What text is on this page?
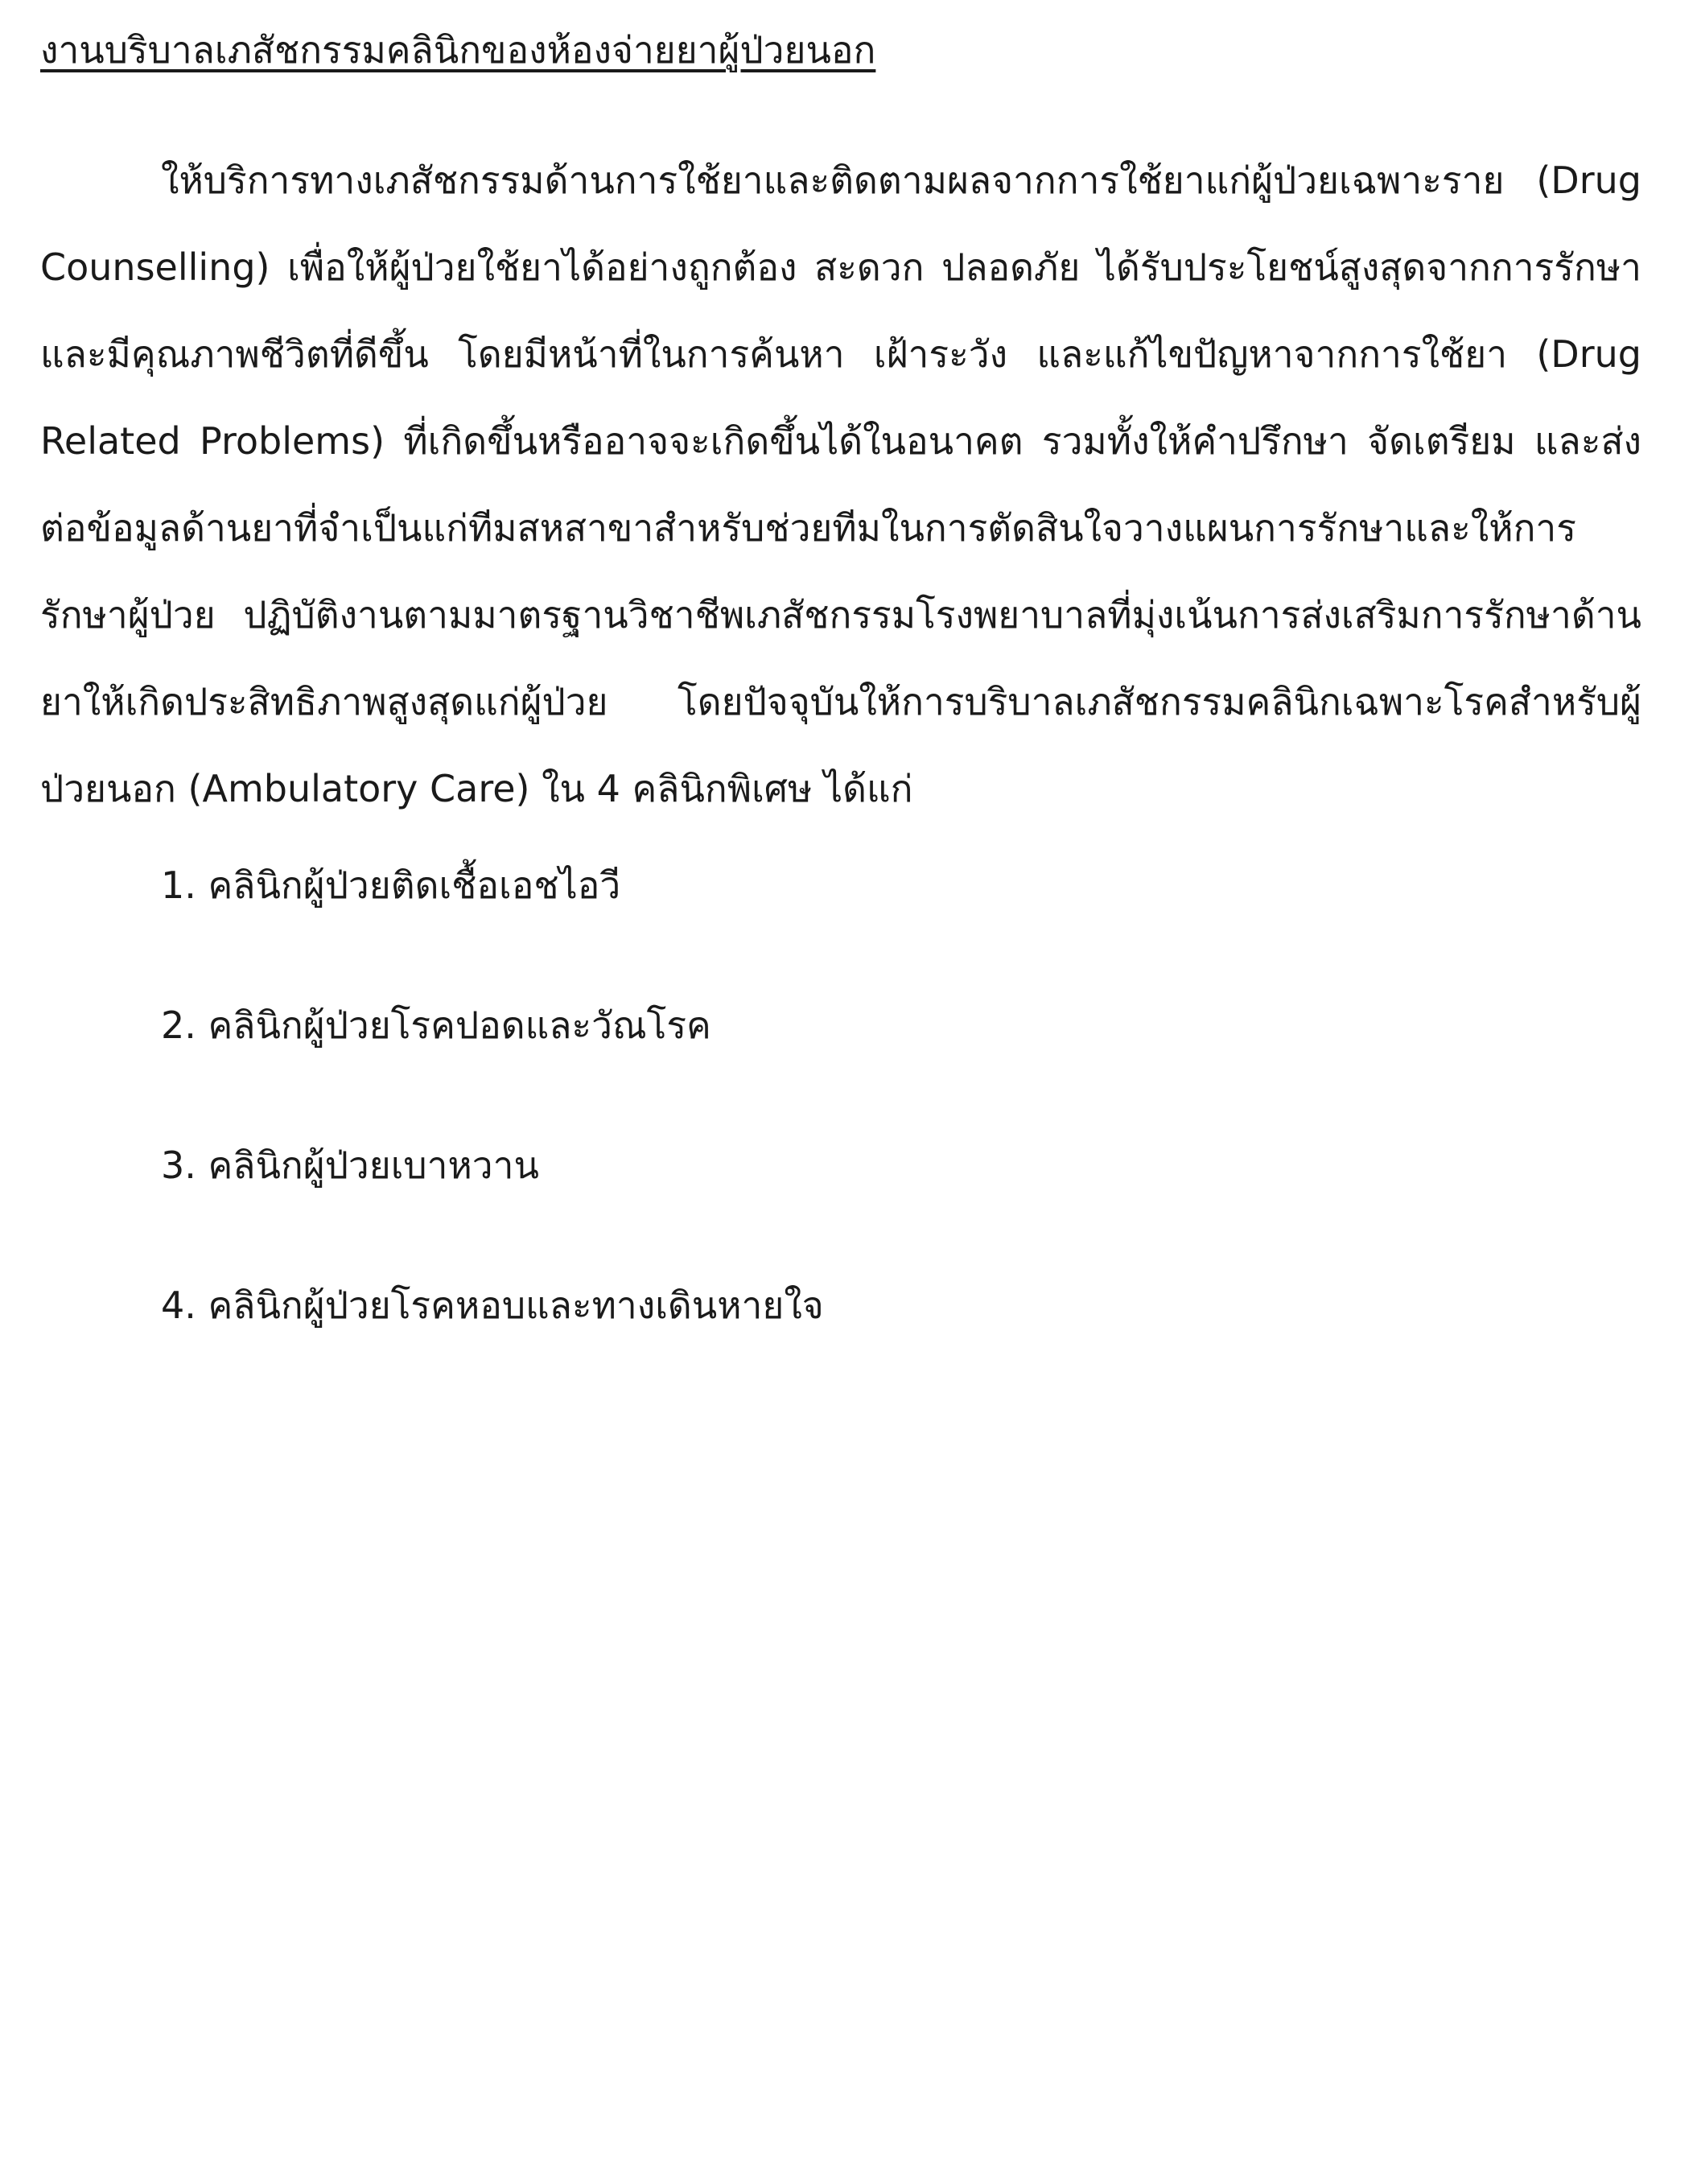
งานบริบาลเภสัชกรรมคลินิกของห้องจ่ายยาผู้ป่วยนอก

ให้บริการทางเภสัชกรรมด้านการใช้ยาและติดตามผลจากการใช้ยาแก่ผู้ป่วยเฉพาะราย (Drug Counselling) เพื่อให้ผู้ป่วยใช้ยาได้อย่างถูกต้อง สะดวก ปลอดภัย ได้รับประโยชน์สูงสุดจากการรักษาและมีคุณภาพชีวิตที่ดีขึ้น โดยมีหน้าที่ในการค้นหา เฝ้าระวัง และแก้ไขปัญหาจากการใช้ยา (Drug Related Problems) ที่เกิดขึ้นหรืออาจจะเกิดขึ้นได้ในอนาคต รวมทั้งให้คำปรึกษา จัดเตรียม และส่งต่อข้อมูลด้านยาที่จำเป็นแก่ทีมสหสาขาสำหรับช่วยทีมในการตัดสินใจวางแผนการรักษาและให้การรักษาผู้ป่วย ปฏิบัติงานตามมาตรฐานวิชาชีพเภสัชกรรมโรงพยาบาลที่มุ่งเน้นการส่งเสริมการรักษาด้านยาให้เกิดประสิทธิภาพสูงสุดแก่ผู้ป่วย โดยปัจจุบันให้การบริบาลเภสัชกรรมคลินิกเฉพาะโรคสำหรับผู้ป่วยนอก (Ambulatory Care) ใน 4 คลินิกพิเศษ ได้แก่

1. คลินิกผู้ป่วยติดเชื้อเอชไอวี
2. คลินิกผู้ป่วยโรคปอดและวัณโรค
3. คลินิกผู้ป่วยเบาหวาน
4. คลินิกผู้ป่วยโรคหอบและทางเดินหายใจ
